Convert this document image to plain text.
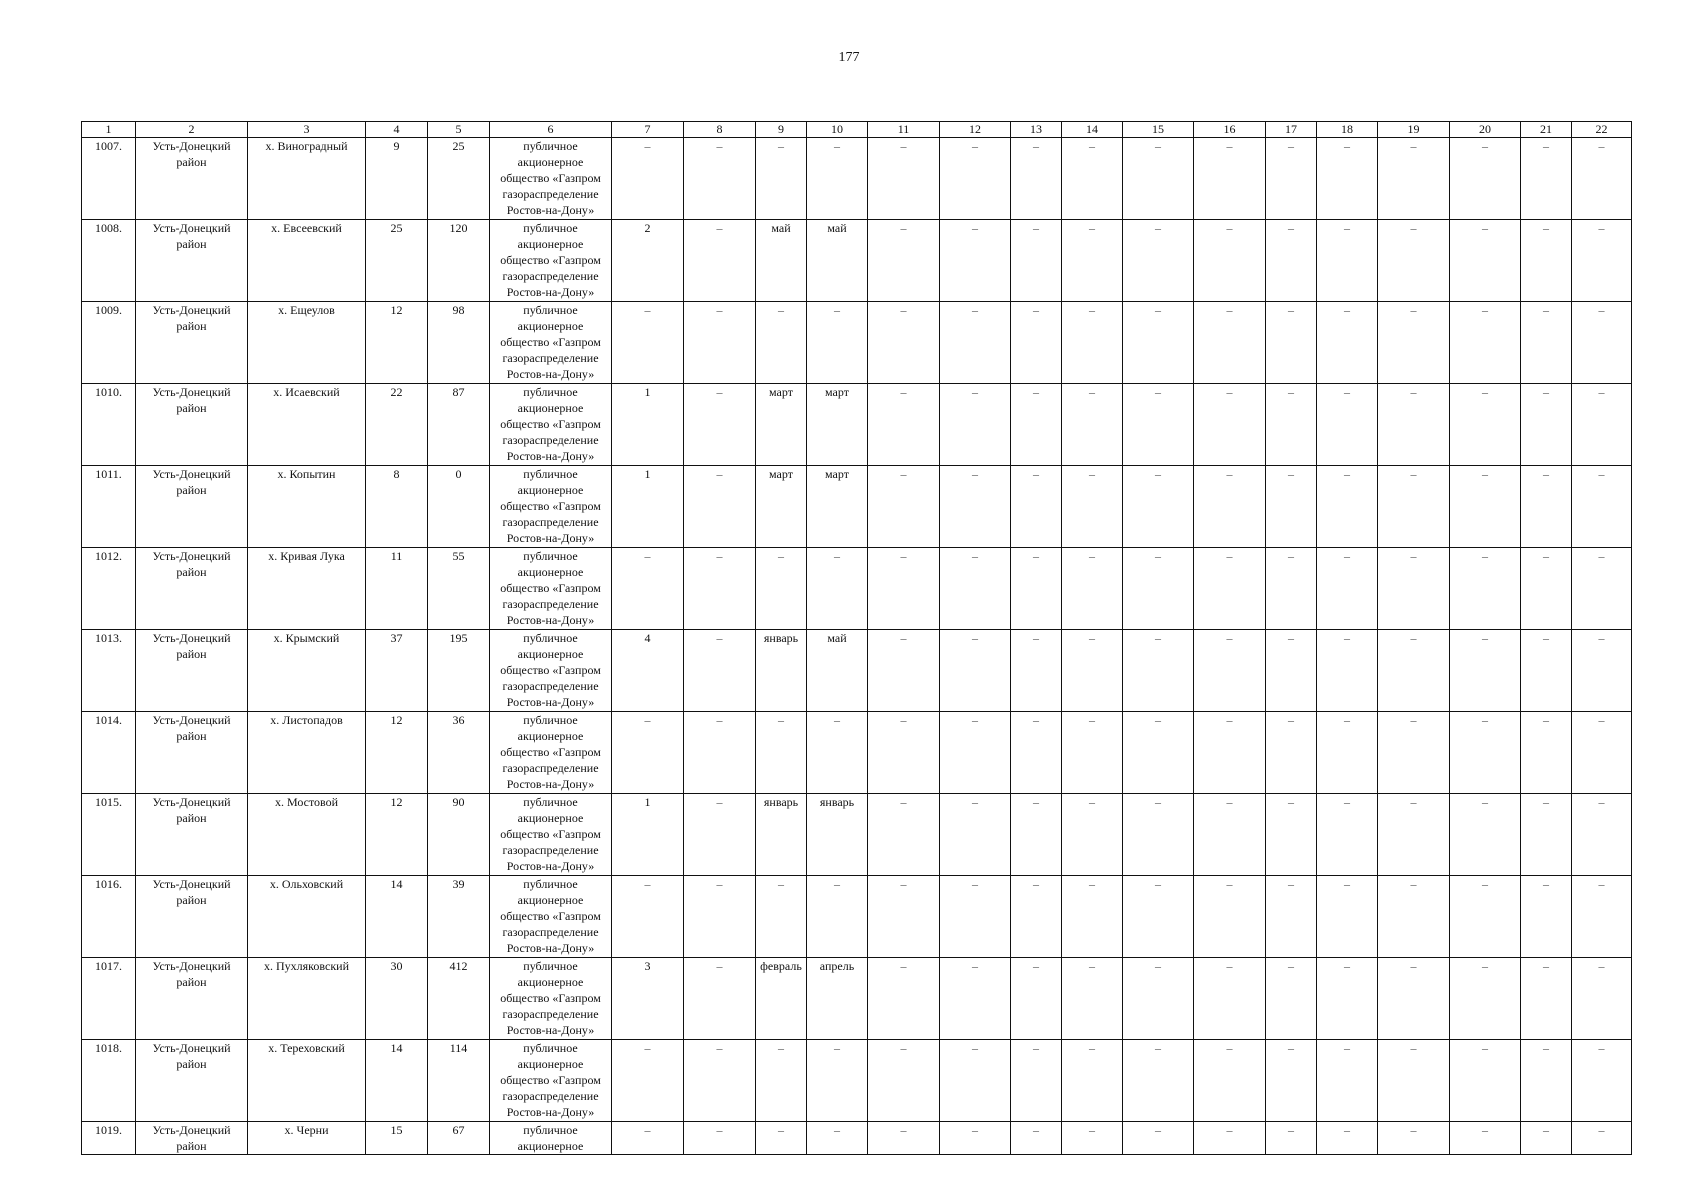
177
1	2	3	4	5	6	7	8	9	10	11	12	13	14	15	16	17	18	19	20	21	22
1007.	Усть-Донецкий район	х. Виноградный	9	25	публичное акционерное общество «Газпром газораспределение Ростов-на-Дону»	–	–	–	–	–	–	–	–	–	–	–	–	–	–	–	–
1008.	Усть-Донецкий район	х. Евсеевский	25	120	публичное акционерное общество «Газпром газораспределение Ростов-на-Дону»	2	–	май	май	–	–	–	–	–	–	–	–	–	–	–	–
1009.	Усть-Донецкий район	х. Ещеулов	12	98	публичное акционерное общество «Газпром газораспределение Ростов-на-Дону»	–	–	–	–	–	–	–	–	–	–	–	–	–	–	–	–
1010.	Усть-Донецкий район	х. Исаевский	22	87	публичное акционерное общество «Газпром газораспределение Ростов-на-Дону»	1	–	март	март	–	–	–	–	–	–	–	–	–	–	–	–
1011.	Усть-Донецкий район	х. Копытин	8	0	публичное акционерное общество «Газпром газораспределение Ростов-на-Дону»	1	–	март	март	–	–	–	–	–	–	–	–	–	–	–	–
1012.	Усть-Донецкий район	х. Кривая Лука	11	55	публичное акционерное общество «Газпром газораспределение Ростов-на-Дону»	–	–	–	–	–	–	–	–	–	–	–	–	–	–	–	–
1013.	Усть-Донецкий район	х. Крымский	37	195	публичное акционерное общество «Газпром газораспределение Ростов-на-Дону»	4	–	январь	май	–	–	–	–	–	–	–	–	–	–	–	–
1014.	Усть-Донецкий район	х. Листопадов	12	36	публичное акционерное общество «Газпром газораспределение Ростов-на-Дону»	–	–	–	–	–	–	–	–	–	–	–	–	–	–	–	–
1015.	Усть-Донецкий район	х. Мостовой	12	90	публичное акционерное общество «Газпром газораспределение Ростов-на-Дону»	1	–	январь	январь	–	–	–	–	–	–	–	–	–	–	–	–
1016.	Усть-Донецкий район	х. Ольховский	14	39	публичное акционерное общество «Газпром газораспределение Ростов-на-Дону»	–	–	–	–	–	–	–	–	–	–	–	–	–	–	–	–
1017.	Усть-Донецкий район	х. Пухляковский	30	412	публичное акционерное общество «Газпром газораспределение Ростов-на-Дону»	3	–	февраль	апрель	–	–	–	–	–	–	–	–	–	–	–	–
1018.	Усть-Донецкий район	х. Тереховский	14	114	публичное акционерное общество «Газпром газораспределение Ростов-на-Дону»	–	–	–	–	–	–	–	–	–	–	–	–	–	–	–	–
1019.	Усть-Донецкий район	х. Черни	15	67	публичное акционерное	–	–	–	–	–	–	–	–	–	–	–	–	–	–	–	–
